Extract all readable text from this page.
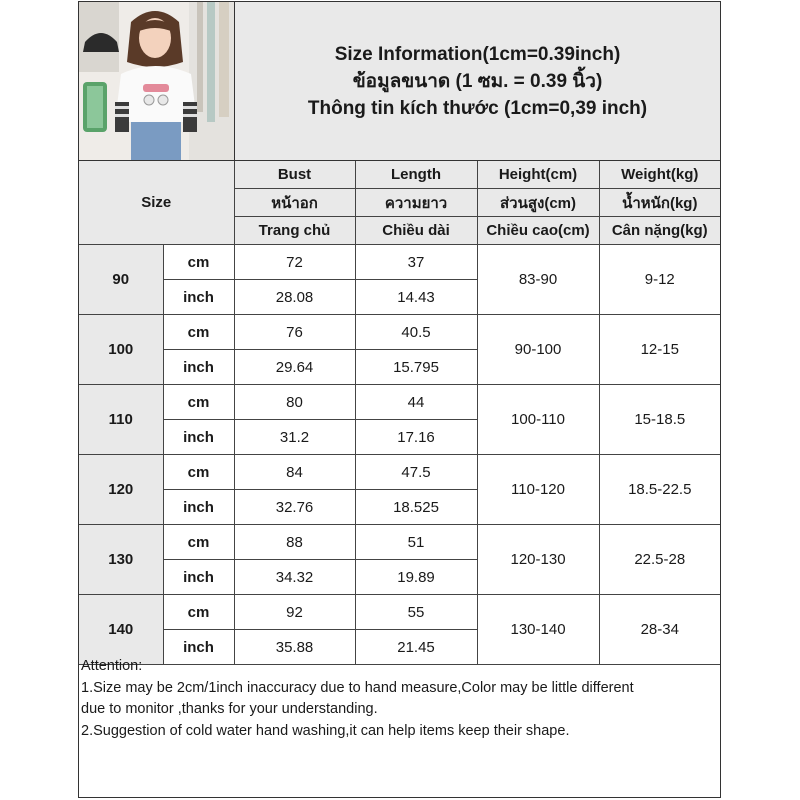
Size Information(1cm=0.39inch)
ข้อมูลขนาด (1 ซม. = 0.39 นิ้ว)
Thông tin kích thước (1cm=0,39 inch)
Size		Bust	Length	Height(cm)	Weight(kg)
		หน้าอก	ความยาว	ส่วนสูง(cm)	น้ำหนัก(kg)
		Trang chủ	Chiều dài	Chiều cao(cm)	Cân nặng(kg)
90	cm	72	37	83-90	9-12
	inch	28.08	14.43		
100	cm	76	40.5	90-100	12-15
	inch	29.64	15.795		
110	cm	80	44	100-110	15-18.5
	inch	31.2	17.16		
120	cm	84	47.5	110-120	18.5-22.5
	inch	32.76	18.525		
130	cm	88	51	120-130	22.5-28
	inch	34.32	19.89		
140	cm	92	55	130-140	28-34
	inch	35.88	21.45		
Attention:
1.Size may be 2cm/1inch inaccuracy due to hand measure,Color may be little different
due to monitor ,thanks for your understanding.
2.Suggestion of cold water hand washing,it can help items keep their shape.
